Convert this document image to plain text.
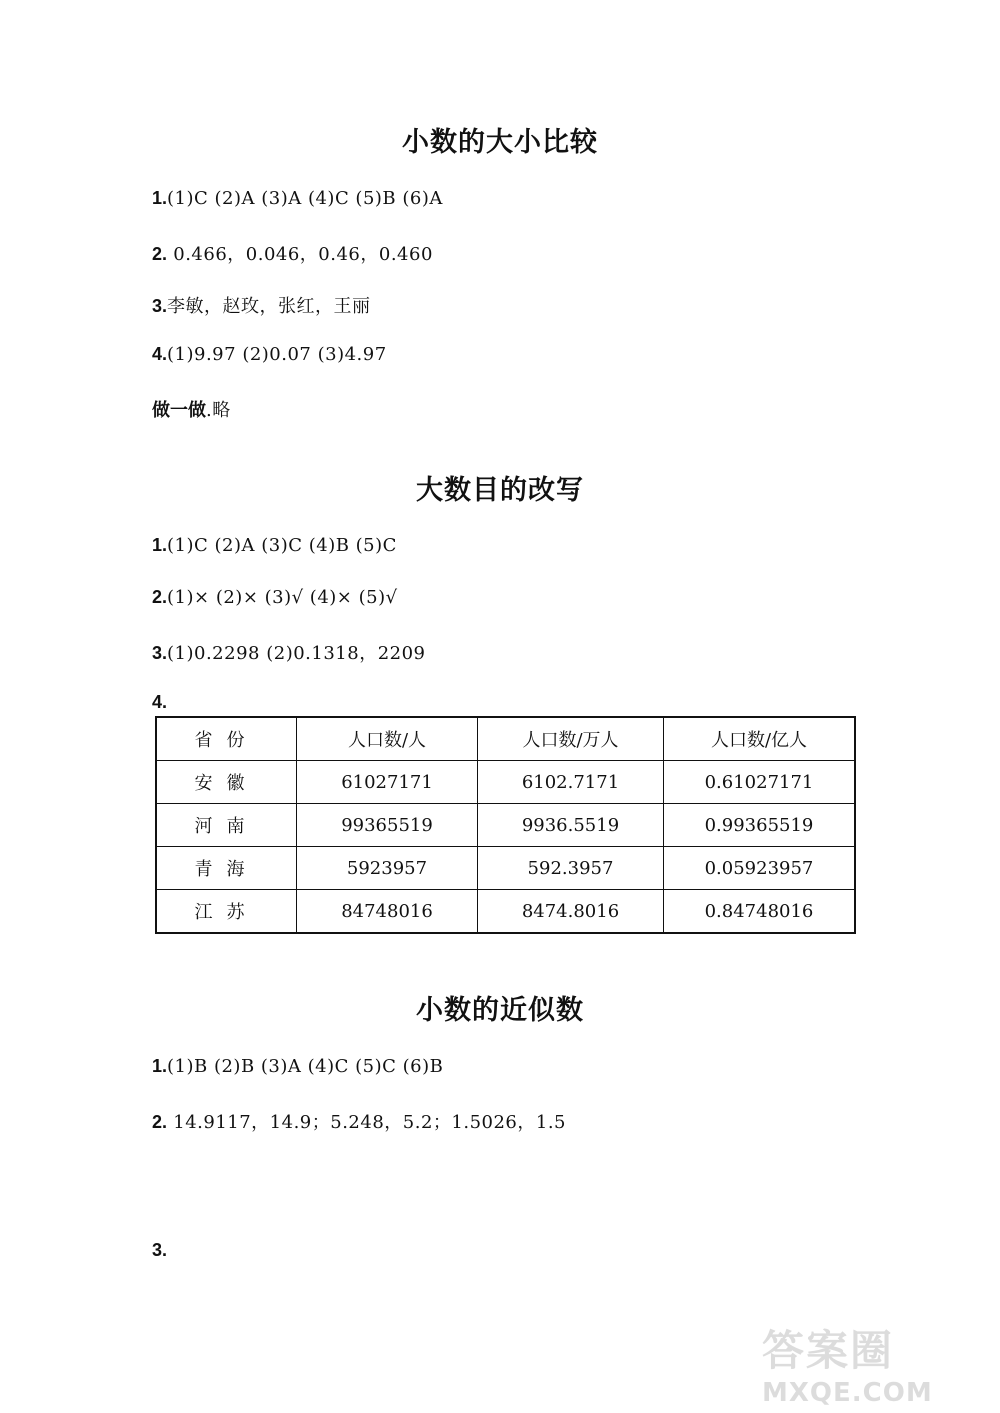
小数的大小比较
1.(1)C (2)A (3)A (4)C (5)B (6)A
2. 0.466，0.046，0.46，0.460
3.李敏，赵玫，张红，王丽
4.(1)9.97 (2)0.07 (3)4.97
做一做.略
大数目的改写
1.(1)C (2)A (3)C (4)B (5)C
2.(1)× (2)× (3)√ (4)× (5)√
3.(1)0.2298 (2)0.1318，2209
4.
省份	人口数/人	人口数/万人	人口数/亿人
安徽	61027171	6102.7171	0.61027171
河南	99365519	9936.5519	0.99365519
青海	5923957	592.3957	0.05923957
江苏	84748016	8474.8016	0.84748016
小数的近似数
1.(1)B (2)B (3)A (4)C (5)C (6)B
2. 14.9117，14.9；5.248，5.2；1.5026，1.5
3.
答案圈
MXQE.COM
